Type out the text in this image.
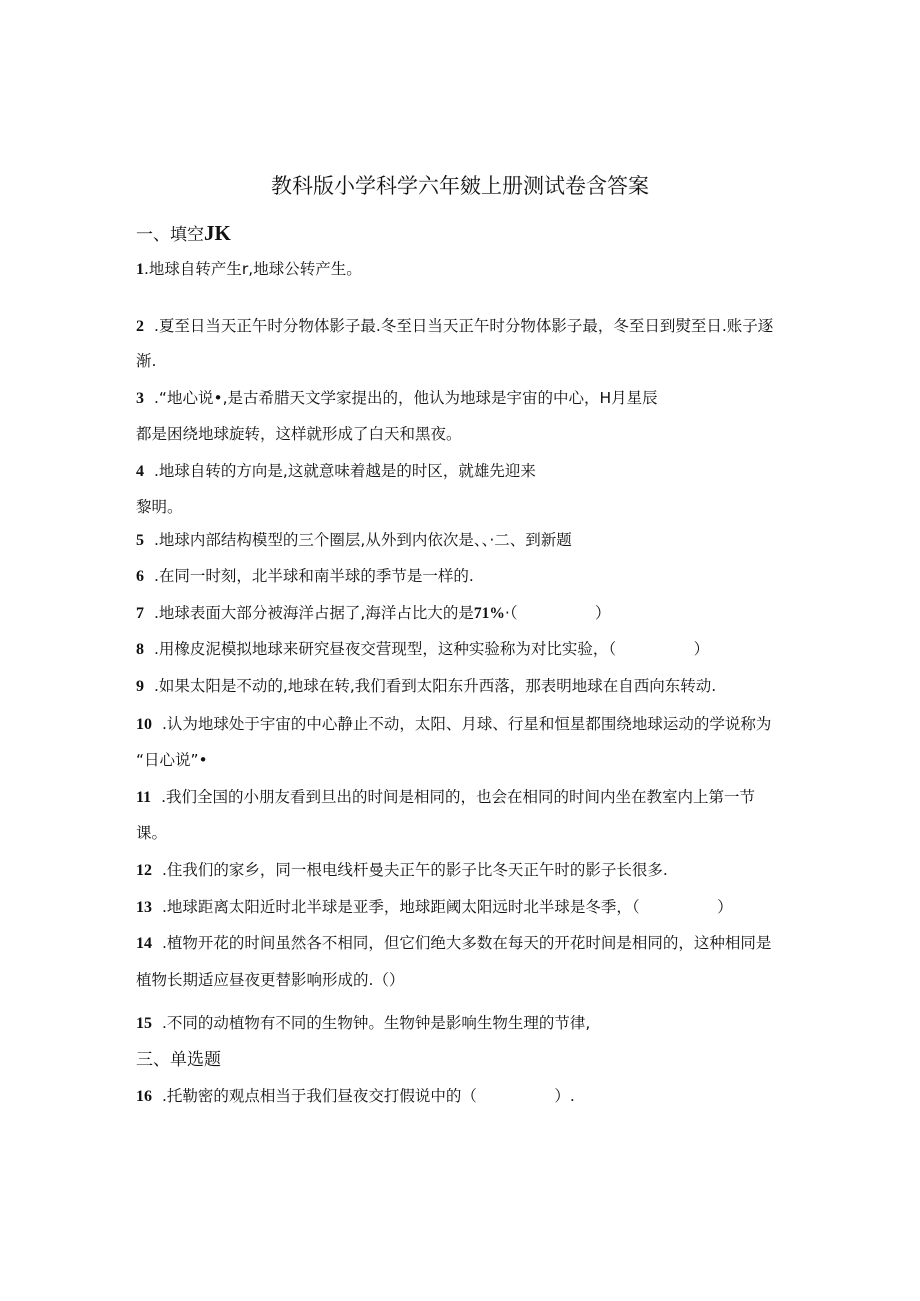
教科版小学科学六年皴上册测试卷含答案
一、填空JK
1.地球自转产生r,地球公转产生。
2 .夏至日当天正午时分物体影子最.冬至日当天正午时分物体影子最，冬至日到熨至日.账子逐
渐.
3 .“地心说•,是古希腊天文学家提出的，他认为地球是宇宙的中心，H月星辰
都是困绕地球旋转，这样就形成了白天和黑夜。
4 .地球自转的方向是,这就意味着越是的时区，就雄先迎来
黎明。
5 .地球内部结构模型的三个圈层,从外到内依次是、、·二、到新题
6 .在同一时刻，北半球和南半球的季节是一样的.
7 .地球表面大部分被海洋占据了,海洋占比大的是71%·（　　　　　）
8 .用橡皮泥模拟地球来研究昼夜交营现型，这种实验称为对比实验，（　　　　　）
9 .如果太阳是不动的,地球在转,我们看到太阳东升西落，那表明地球在自西向东转动.
10 .认为地球处于宇宙的中心静止不动，太阳、月球、行星和恒星都围绕地球运动的学说称为
“日心说”•
11 .我们全国的小朋友看到旦出的时间是相同的，也会在相同的时间内坐在教室内上第一节
课。
12 .住我们的家乡，同一根电线杆曼夫正午的影子比冬天正午时的影子长很多.
13 .地球距离太阳近时北半球是亚季，地球距阈太阳远时北半球是冬季，（　　　　　）
14 .植物开花的时间虽然各不相同，但它们绝大多数在每天的开花时间是相同的，这种相同是
植物长期适应昼夜更替影响形成的.（）
15 .不同的动植物有不同的生物钟。生物钟是影响生物生理的节律,
三、单选题
16 .托勒密的观点相当于我们昼夜交打假说中的（　　　　　）.
